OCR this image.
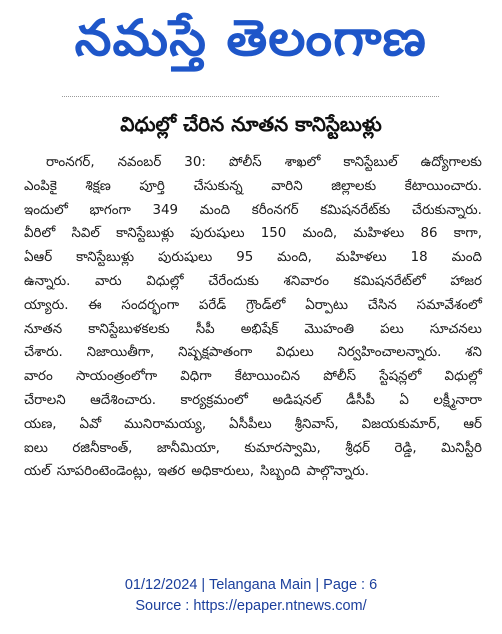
నమస్తే తెలంగాణ
విధుల్లో చేరిన నూతన కానిస్టేబుళ్లు
రాంనగర్, నవంబర్ 30: పోలీస్ శాఖలో కానిస్టేబుల్ ఉద్యోగాలకు
ఎంపికై శిక్షణ పూర్తి చేసుకున్న వారిని జిల్లాలకు కేటాయించారు.
ఇందులో భాగంగా 349 మంది కరీంనగర్ కమిషనరేట్‌కు చేరుకున్నారు.
వీరిలో సివిల్ కానిస్టేబుళ్లు పురుషులు 150 మంది, మహిళలు 86 కాగా,
ఏఆర్ కానిస్టేబుళ్లు పురుషులు 95 మంది, మహిళలు 18 మంది
ఉన్నారు. వారు విధుల్లో చేరేందుకు శనివారం కమిషనరేట్‌లో హాజర
య్యారు. ఈ సందర్భంగా పరేడ్ గ్రౌండ్‌లో ఏర్పాటు చేసిన సమావేశంలో
నూతన కానిస్టేబుళకలకు సీపీ అభిషేక్ మొహంతి పలు సూచనలు
చేశారు. నిజాయితీగా, నిష్పక్షపాతంగా విధులు నిర్వహించాలన్నారు. శని
వారం సాయంత్రంలోగా విధిగా కేటాయించిన పోలీస్ స్టేషన్లలో విధుల్లో
చేరాలని ఆదేశించారు. కార్యక్రమంలో అడిషనల్ డీసీపీ ఏ లక్ష్మీనారా
యణ, ఏవో మునిరామయ్య, ఏసీపీలు శ్రీనివాస్, విజయకుమార్, ఆర్
ఐలు రజినీకాంత్, జానీమియా, కుమారస్వామి, శ్రీధర్ రెడ్డి, మినిస్టీరి
యల్ సూపరింటెండెంట్లు, ఇతర అధికారులు, సిబ్బంది పాల్గొన్నారు.
01/12/2024 | Telangana Main | Page : 6
Source : https://epaper.ntnews.com/
